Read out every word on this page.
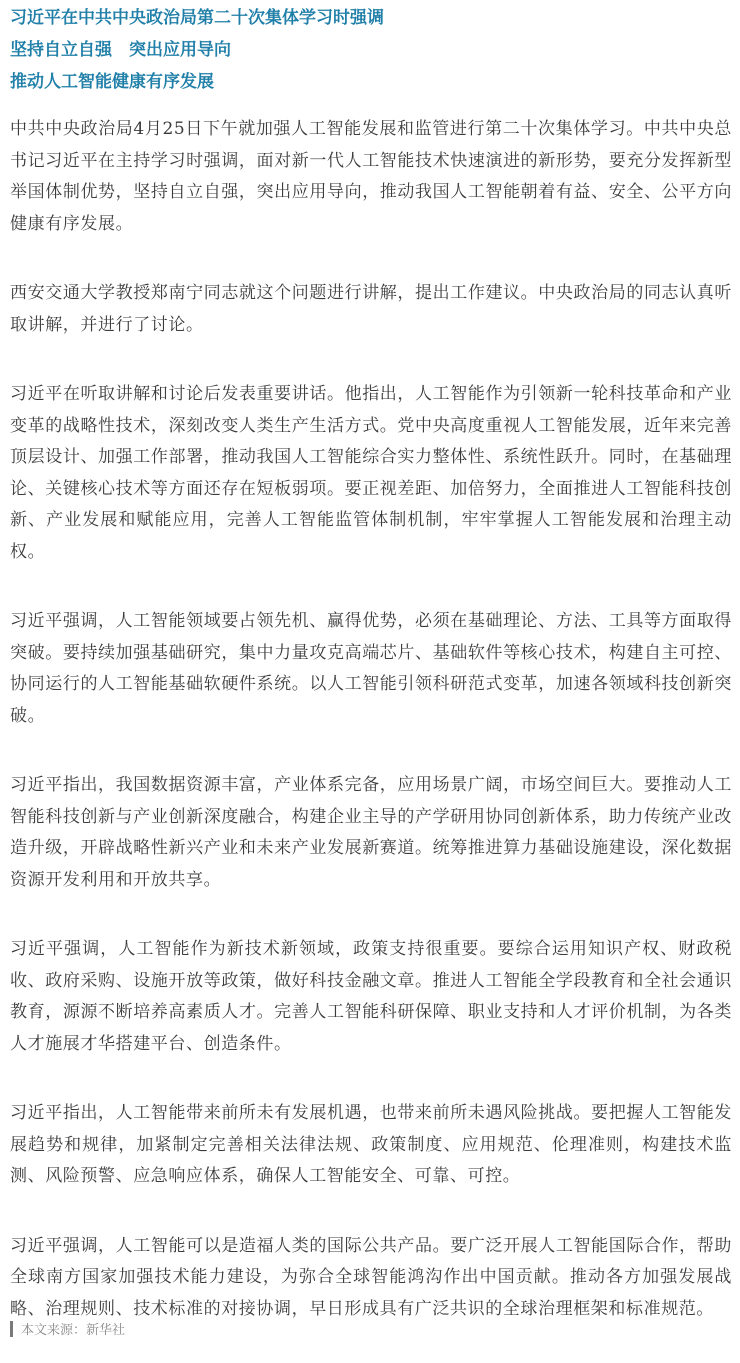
习近平在中共中央政治局第二十次集体学习时强调
坚持自立自强　突出应用导向
推动人工智能健康有序发展

中共中央政治局4月25日下午就加强人工智能发展和监管进行第二十次集体学习。中共中央总书记习近平在主持学习时强调，面对新一代人工智能技术快速演进的新形势，要充分发挥新型举国体制优势，坚持自立自强，突出应用导向，推动我国人工智能朝着有益、安全、公平方向健康有序发展。

西安交通大学教授郑南宁同志就这个问题进行讲解，提出工作建议。中央政治局的同志认真听取讲解，并进行了讨论。

习近平在听取讲解和讨论后发表重要讲话。他指出，人工智能作为引领新一轮科技革命和产业变革的战略性技术，深刻改变人类生产生活方式。党中央高度重视人工智能发展，近年来完善顶层设计、加强工作部署，推动我国人工智能综合实力整体性、系统性跃升。同时，在基础理论、关键核心技术等方面还存在短板弱项。要正视差距、加倍努力，全面推进人工智能科技创新、产业发展和赋能应用，完善人工智能监管体制机制，牢牢掌握人工智能发展和治理主动权。

习近平强调，人工智能领域要占领先机、赢得优势，必须在基础理论、方法、工具等方面取得突破。要持续加强基础研究，集中力量攻克高端芯片、基础软件等核心技术，构建自主可控、协同运行的人工智能基础软硬件系统。以人工智能引领科研范式变革，加速各领域科技创新突破。

习近平指出，我国数据资源丰富，产业体系完备，应用场景广阔，市场空间巨大。要推动人工智能科技创新与产业创新深度融合，构建企业主导的产学研用协同创新体系，助力传统产业改造升级，开辟战略性新兴产业和未来产业发展新赛道。统筹推进算力基础设施建设，深化数据资源开发利用和开放共享。

习近平强调，人工智能作为新技术新领域，政策支持很重要。要综合运用知识产权、财政税收、政府采购、设施开放等政策，做好科技金融文章。推进人工智能全学段教育和全社会通识教育，源源不断培养高素质人才。完善人工智能科研保障、职业支持和人才评价机制，为各类人才施展才华搭建平台、创造条件。

习近平指出，人工智能带来前所未有发展机遇，也带来前所未遇风险挑战。要把握人工智能发展趋势和规律，加紧制定完善相关法律法规、政策制度、应用规范、伦理准则，构建技术监测、风险预警、应急响应体系，确保人工智能安全、可靠、可控。

习近平强调，人工智能可以是造福人类的国际公共产品。要广泛开展人工智能国际合作，帮助全球南方国家加强技术能力建设，为弥合全球智能鸿沟作出中国贡献。推动各方加强发展战略、治理规则、技术标准的对接协调，早日形成具有广泛共识的全球治理框架和标准规范。

本文来源：新华社
